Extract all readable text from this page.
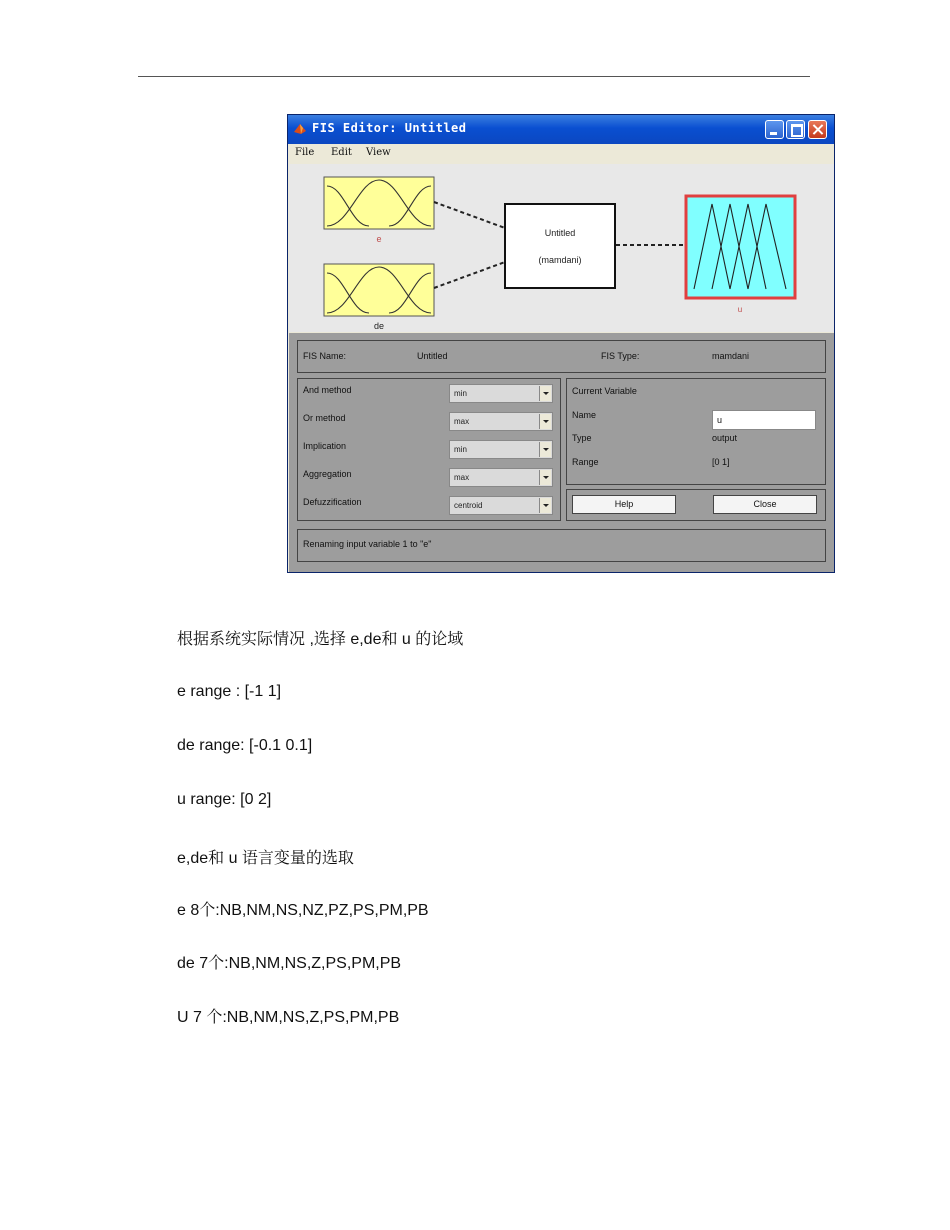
FIS Editor: Untitled
File Edit View
e
de
Untitled
(mamdani)
u
FIS Name:	Untitled	FIS Type:	mamdani
And method	min
Or method	max
Implication	min
Aggregation	max
Defuzzification	centroid
Current Variable
Name	u
Type	output
Range	[0 1]
Help	Close
Renaming input variable 1 to "e"
根据系统实际情况 ,选择 e,de和 u 的论域
e range : [-1 1]
de range: [-0.1 0.1]
u range: [0 2]
e,de和 u 语言变量的选取
e 8个:NB,NM,NS,NZ,PZ,PS,PM,PB
de 7个:NB,NM,NS,Z,PS,PM,PB
U 7 个:NB,NM,NS,Z,PS,PM,PB
